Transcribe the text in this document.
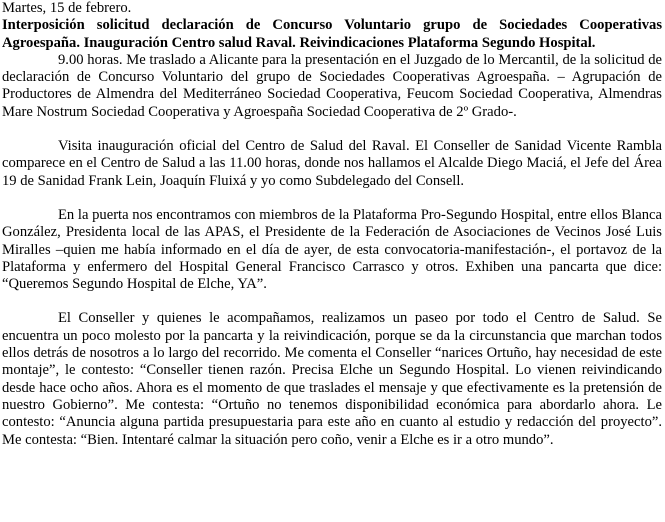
Martes, 15 de febrero.

Interposición solicitud declaración de Concurso Voluntario grupo de Sociedades Cooperativas Agroespaña. Inauguración Centro salud Raval. Reivindicaciones Plataforma Segundo Hospital.

9.00 horas. Me traslado a Alicante para la presentación en el Juzgado de lo Mercantil, de la solicitud de declaración de Concurso Voluntario del grupo de Sociedades Cooperativas Agroespaña. – Agrupación de Productores de Almendra del Mediterráneo Sociedad Cooperativa, Feucom Sociedad Cooperativa, Almendras Mare Nostrum Sociedad Cooperativa y Agroespaña Sociedad Cooperativa de 2º Grado-.

Visita inauguración oficial del Centro de Salud del Raval. El Conseller de Sanidad Vicente Rambla comparece en el Centro de Salud a las 11.00 horas, donde nos hallamos el Alcalde Diego Maciá, el Jefe del Área 19 de Sanidad Frank Lein, Joaquín Fluixá y yo como Subdelegado del Consell.

En la puerta nos encontramos con miembros de la Plataforma Pro-Segundo Hospital, entre ellos Blanca González, Presidenta local de las APAS, el Presidente de la Federación de Asociaciones de Vecinos José Luis Miralles –quien me había informado en el día de ayer, de esta convocatoria-manifestación-, el portavoz de la Plataforma y enfermero del Hospital General Francisco Carrasco y otros. Exhiben una pancarta que dice: “Queremos Segundo Hospital de Elche, YA”.

El Conseller y quienes le acompañamos, realizamos un paseo por todo el Centro de Salud. Se encuentra un poco molesto por la pancarta y la reivindicación, porque se da la circunstancia que marchan todos ellos detrás de nosotros a lo largo del recorrido. Me comenta el Conseller “narices Ortuño, hay necesidad de este montaje”, le contesto: “Conseller tienen razón. Precisa Elche un Segundo Hospital. Lo vienen reivindicando desde hace ocho años. Ahora es el momento de que traslades el mensaje y que efectivamente es la pretensión de nuestro Gobierno”. Me contesta: “Ortuño no tenemos disponibilidad económica para abordarlo ahora. Le contesto: “Anuncia alguna partida presupuestaria para este año en cuanto al estudio y redacción del proyecto”. Me contesta: “Bien. Intentaré calmar la situación pero coño, venir a Elche es ir a otro mundo”.
